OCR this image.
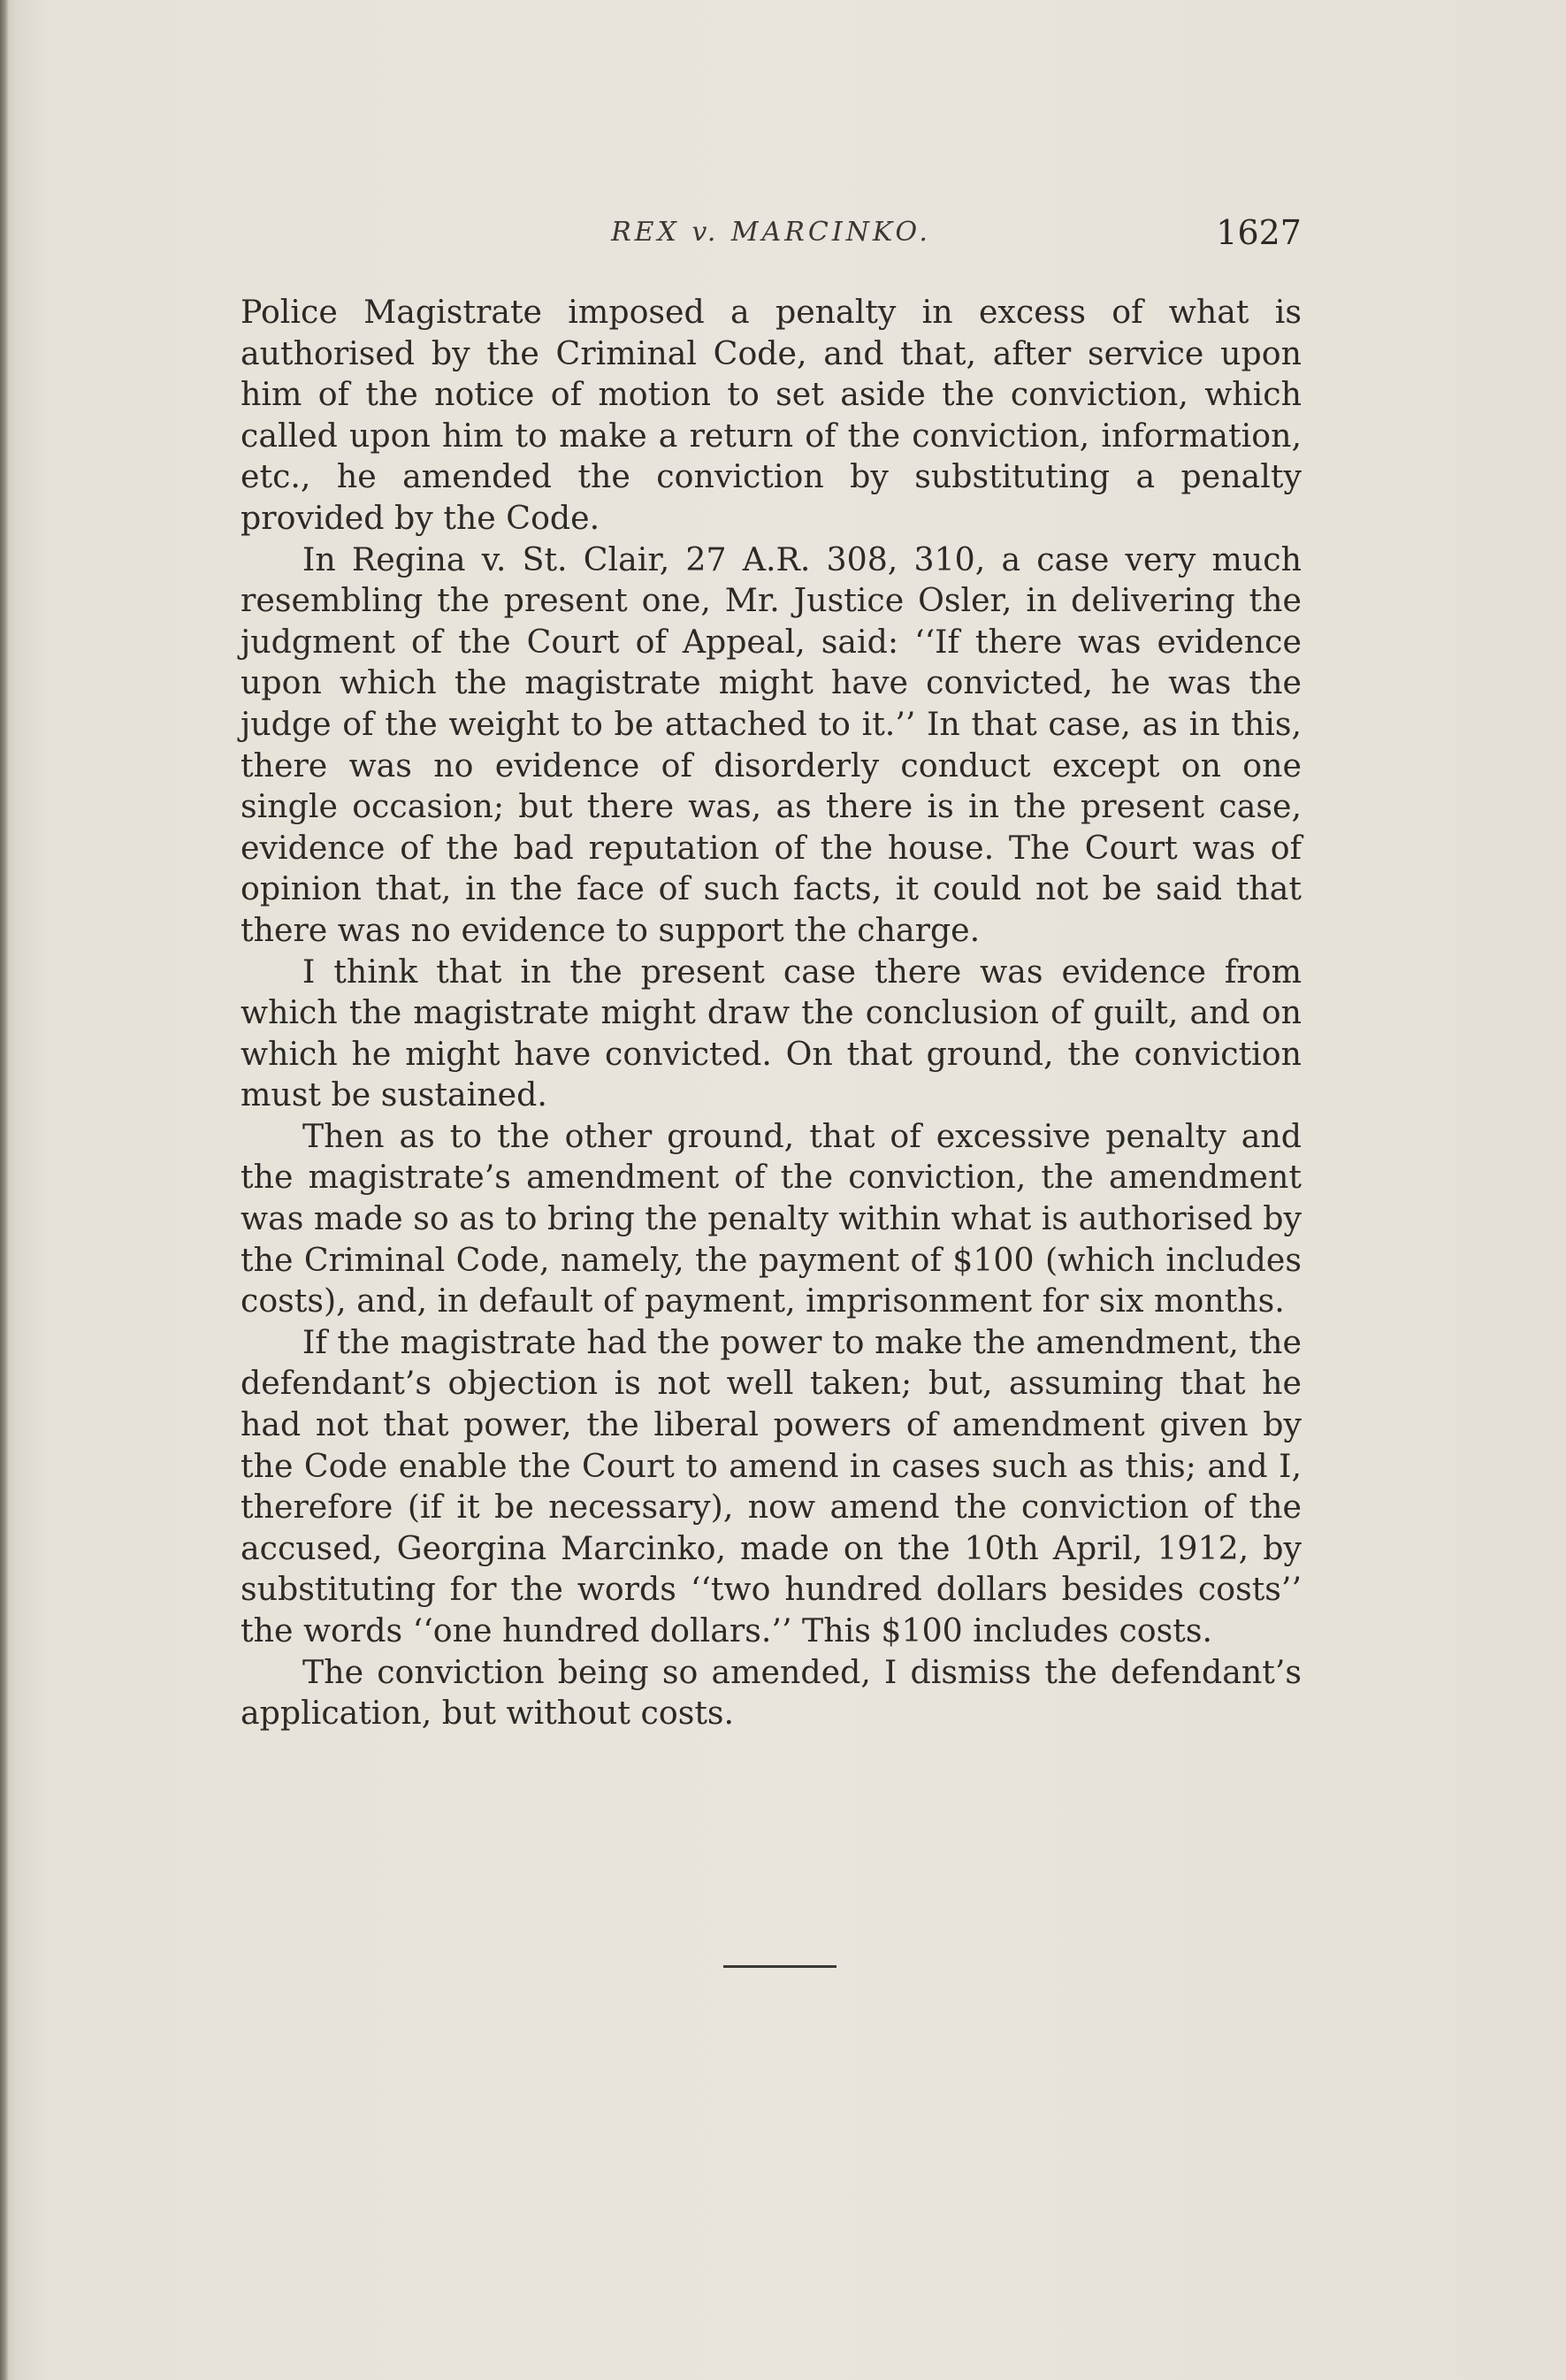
REX v. MARCINKO.	1627

Police Magistrate imposed a penalty in excess of what is authorised by the Criminal Code, and that, after service upon him of the notice of motion to set aside the conviction, which called upon him to make a return of the conviction, information, etc., he amended the conviction by substituting a penalty provided by the Code.

In Regina v. St. Clair, 27 A.R. 308, 310, a case very much resembling the present one, Mr. Justice Osler, in delivering the judgment of the Court of Appeal, said: ‘‘If there was evidence upon which the magistrate might have convicted, he was the judge of the weight to be attached to it.’’ In that case, as in this, there was no evidence of disorderly conduct except on one single occasion; but there was, as there is in the present case, evidence of the bad reputation of the house. The Court was of opinion that, in the face of such facts, it could not be said that there was no evidence to support the charge.

I think that in the present case there was evidence from which the magistrate might draw the conclusion of guilt, and on which he might have convicted. On that ground, the conviction must be sustained.

Then as to the other ground, that of excessive penalty and the magistrate’s amendment of the conviction, the amendment was made so as to bring the penalty within what is authorised by the Criminal Code, namely, the payment of $100 (which includes costs), and, in default of payment, imprisonment for six months.

If the magistrate had the power to make the amendment, the defendant’s objection is not well taken; but, assuming that he had not that power, the liberal powers of amendment given by the Code enable the Court to amend in cases such as this; and I, therefore (if it be necessary), now amend the conviction of the accused, Georgina Marcinko, made on the 10th April, 1912, by substituting for the words ‘‘two hundred dollars besides costs’’ the words ‘‘one hundred dollars.’’ This $100 includes costs.

The conviction being so amended, I dismiss the defendant’s application, but without costs.
